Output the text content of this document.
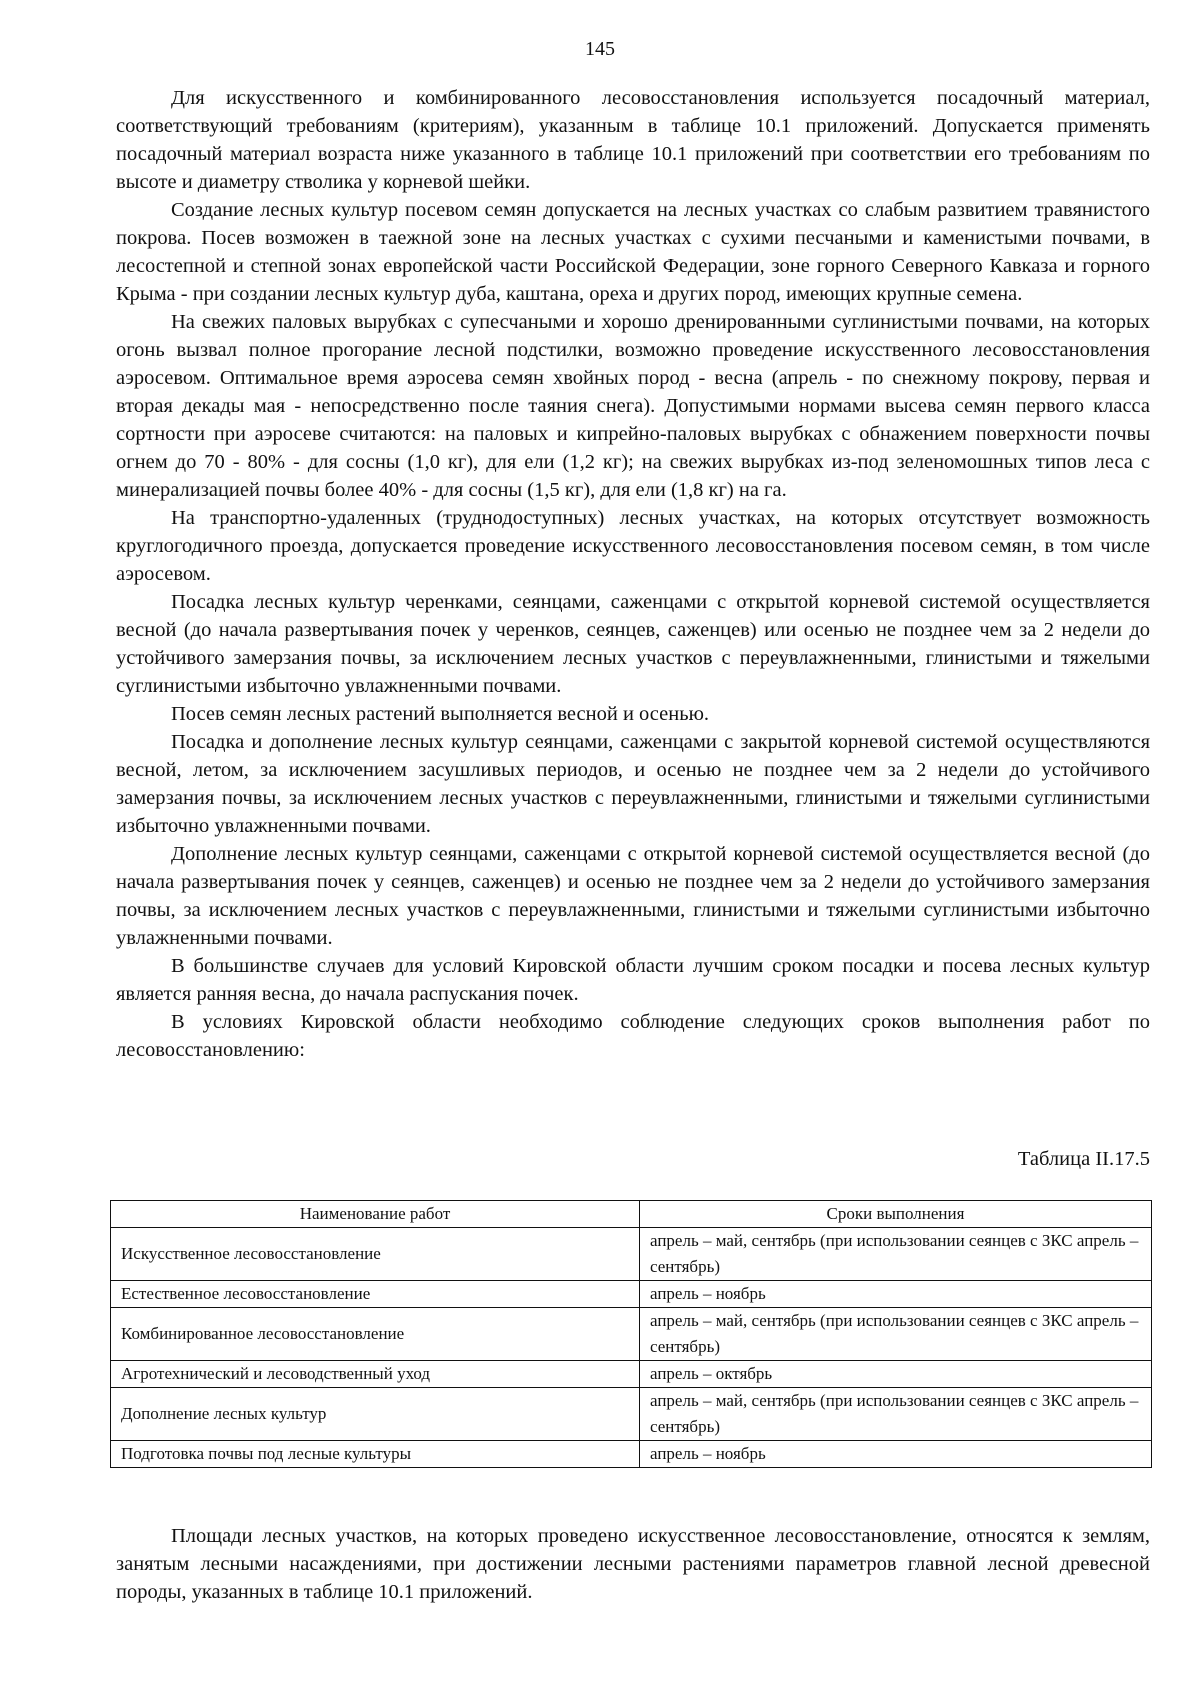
145

Для искусственного и комбинированного лесовосстановления используется посадочный материал, соответствующий требованиям (критериям), указанным в таблице 10.1 приложений. Допускается применять посадочный материал возраста ниже указанного в таблице 10.1 приложений при соответствии его требованиям по высоте и диаметру стволика у корневой шейки.

Создание лесных культур посевом семян допускается на лесных участках со слабым развитием травянистого покрова. Посев возможен в таежной зоне на лесных участках с сухими песчаными и каменистыми почвами, в лесостепной и степной зонах европейской части Российской Федерации, зоне горного Северного Кавказа и горного Крыма - при создании лесных культур дуба, каштана, ореха и других пород, имеющих крупные семена.

На свежих паловых вырубках с супесчаными и хорошо дренированными суглинистыми почвами, на которых огонь вызвал полное прогорание лесной подстилки, возможно проведение искусственного лесовосстановления аэросевом. Оптимальное время аэросева семян хвойных пород - весна (апрель - по снежному покрову, первая и вторая декады мая - непосредственно после таяния снега). Допустимыми нормами высева семян первого класса сортности при аэросеве считаются: на паловых и кипрейно-паловых вырубках с обнажением поверхности почвы огнем до 70 - 80% - для сосны (1,0 кг), для ели (1,2 кг); на свежих вырубках из-под зеленомошных типов леса с минерализацией почвы более 40% - для сосны (1,5 кг), для ели (1,8 кг) на га.

На транспортно-удаленных (труднодоступных) лесных участках, на которых отсутствует возможность круглогодичного проезда, допускается проведение искусственного лесовосстановления посевом семян, в том числе аэросевом.

Посадка лесных культур черенками, сеянцами, саженцами с открытой корневой системой осуществляется весной (до начала развертывания почек у черенков, сеянцев, саженцев) или осенью не позднее чем за 2 недели до устойчивого замерзания почвы, за исключением лесных участков с переувлажненными, глинистыми и тяжелыми суглинистыми избыточно увлажненными почвами.

Посев семян лесных растений выполняется весной и осенью.

Посадка и дополнение лесных культур сеянцами, саженцами с закрытой корневой системой осуществляются весной, летом, за исключением засушливых периодов, и осенью не позднее чем за 2 недели до устойчивого замерзания почвы, за исключением лесных участков с переувлажненными, глинистыми и тяжелыми суглинистыми избыточно увлажненными почвами.

Дополнение лесных культур сеянцами, саженцами с открытой корневой системой осуществляется весной (до начала развертывания почек у сеянцев, саженцев) и осенью не позднее чем за 2 недели до устойчивого замерзания почвы, за исключением лесных участков с переувлажненными, глинистыми и тяжелыми суглинистыми избыточно увлажненными почвами.

В большинстве случаев для условий Кировской области лучшим сроком посадки и посева лесных культур является ранняя весна, до начала распускания почек.

В условиях Кировской области необходимо соблюдение следующих сроков выполнения работ по лесовосстановлению:

Таблица II.17.5
Наименование работ	Сроки выполнения
Искусственное лесовосстановление	апрель – май, сентябрь (при использовании сеянцев с ЗКС апрель – сентябрь)
Естественное лесовосстановление	апрель – ноябрь
Комбинированное лесовосстановление	апрель – май, сентябрь (при использовании сеянцев с ЗКС апрель – сентябрь)
Агротехнический и лесоводственный уход	апрель – октябрь
Дополнение лесных культур	апрель – май, сентябрь (при использовании сеянцев с ЗКС апрель – сентябрь)
Подготовка почвы под лесные культуры	апрель – ноябрь

Площади лесных участков, на которых проведено искусственное лесовосстановление, относятся к землям, занятым лесными насаждениями, при достижении лесными растениями параметров главной лесной древесной породы, указанных в таблице 10.1 приложений.
